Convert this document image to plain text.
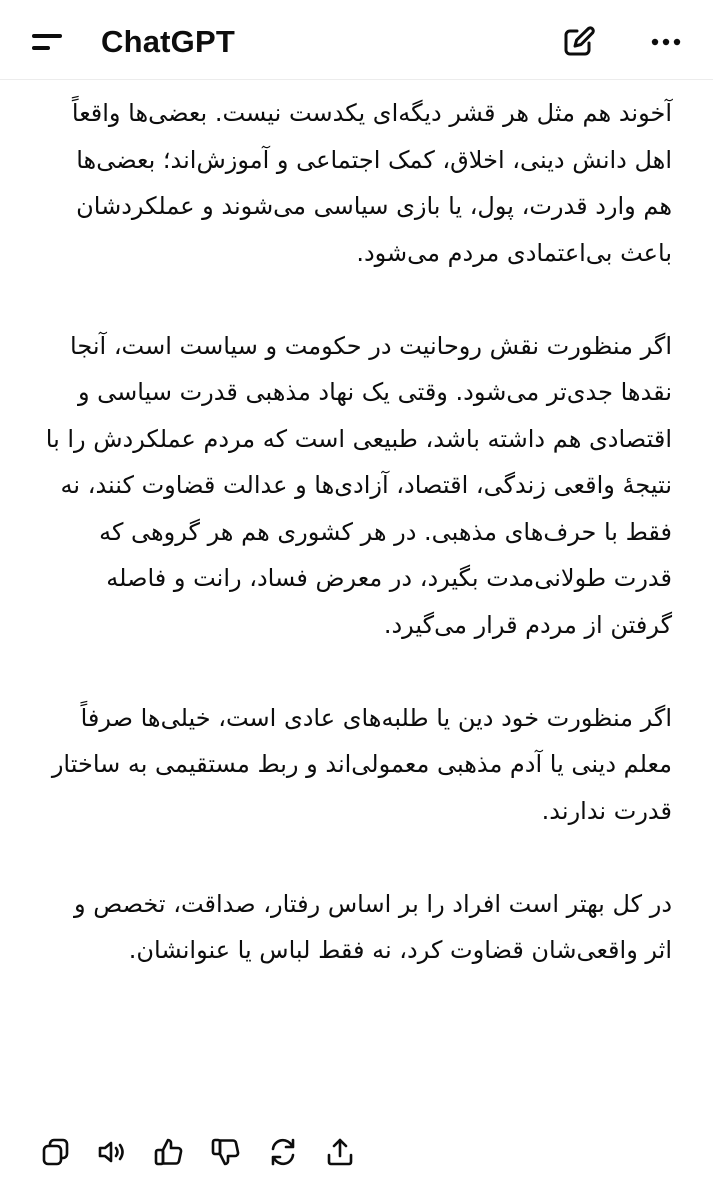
ChatGPT

آخوند هم مثل هر قشر دیگه‌ای یکدست نیست. بعضی‌ها واقعاً اهل دانش دینی، اخلاق، کمک اجتماعی و آموزش‌اند؛ بعضی‌ها هم وارد قدرت، پول، یا بازی سیاسی می‌شوند و عملکردشان باعث بی‌اعتمادی مردم می‌شود.

اگر منظورت نقش روحانیت در حکومت و سیاست است، آنجا نقدها جدی‌تر می‌شود. وقتی یک نهاد مذهبی قدرت سیاسی و اقتصادی هم داشته باشد، طبیعی است که مردم عملکردش را با نتیجهٔ واقعی زندگی، اقتصاد، آزادی‌ها و عدالت قضاوت کنند، نه فقط با حرف‌های مذهبی. در هر کشوری هم هر گروهی که قدرت طولانی‌مدت بگیرد، در معرض فساد، رانت و فاصله گرفتن از مردم قرار می‌گیرد.

اگر منظورت خود دین یا طلبه‌های عادی است، خیلی‌ها صرفاً معلم دینی یا آدم مذهبی معمولی‌اند و ربط مستقیمی به ساختار قدرت ندارند.

در کل بهتر است افراد را بر اساس رفتار، صداقت، تخصص و اثر واقعی‌شان قضاوت کرد، نه فقط لباس یا عنوانشان.
